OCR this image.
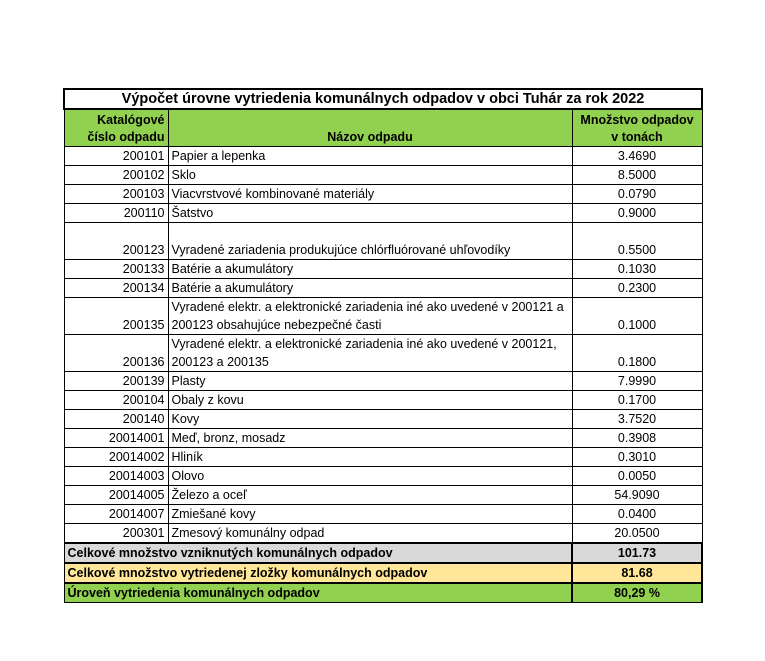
Výpočet úrovne vytriedenia komunálnych odpadov v obci Tuhár za rok 2022		
Katalógové číslo odpadu	Názov odpadu	Množstvo odpadov v tonách
200101	Papier a lepenka	3.4690
200102	Sklo	8.5000
200103	Viacvrstvové kombinované materiály	0.0790
200110	Šatstvo	0.9000
200123	Vyradené zariadenia produkujúce chlórfluórované uhľovodíky	0.5500
200133	Batérie a akumulátory	0.1030
200134	Batérie a akumulátory	0.2300
200135	Vyradené elektr. a elektronické zariadenia iné ako uvedené v 200121 a 200123 obsahujúce nebezpečné časti	0.1000
200136	Vyradené elektr. a elektronické zariadenia iné ako uvedené v 200121, 200123 a 200135	0.1800
200139	Plasty	7.9990
200104	Obaly z kovu	0.1700
200140	Kovy	3.7520
20014001	Meď, bronz, mosadz	0.3908
20014002	Hliník	0.3010
20014003	Olovo	0.0050
20014005	Železo a oceľ	54.9090
20014007	Zmiešané kovy	0.0400
200301	Zmesový komunálny odpad	20.0500
Celkové množstvo vzniknutých komunálnych odpadov		101.73
Celkové množstvo vytriedenej zložky komunálnych odpadov		81.68
Úroveň vytriedenia komunálnych odpadov		80,29 %
